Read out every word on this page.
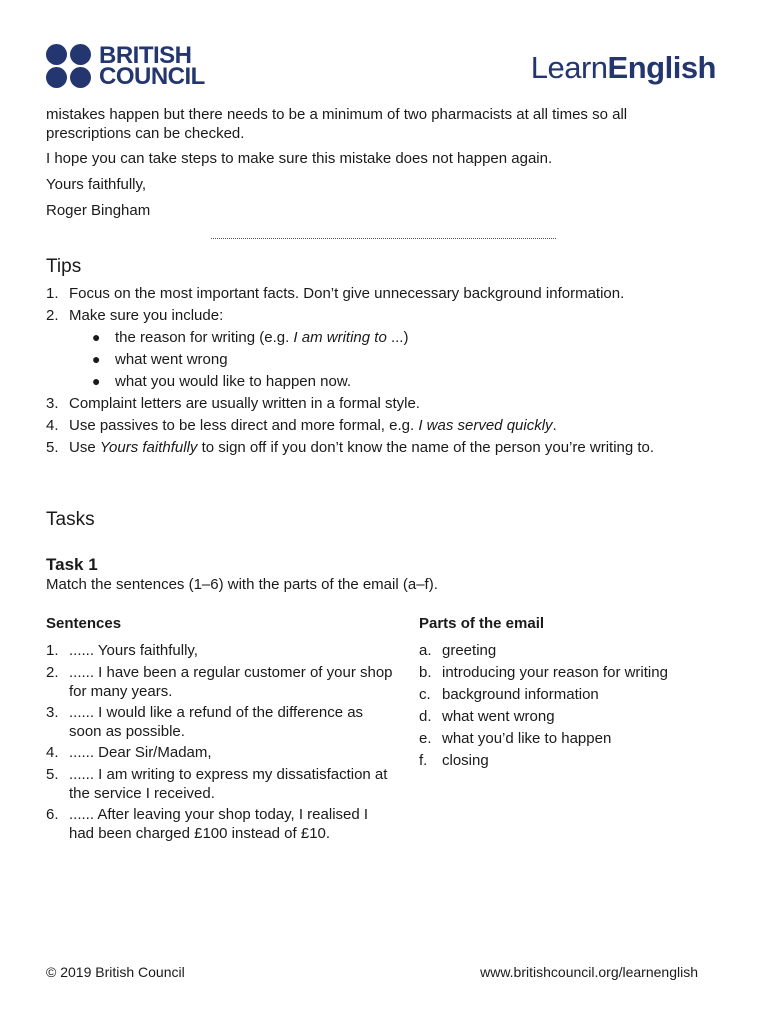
BRITISH
COUNCIL	LearnEnglish
mistakes happen but there needs to be a minimum of two pharmacists at all times so all
prescriptions can be checked.
I hope you can take steps to make sure this mistake does not happen again.
Yours faithfully,
Roger Bingham
Tips
1. Focus on the most important facts. Don’t give unnecessary background information.
2. Make sure you include:
● the reason for writing (e.g. I am writing to ...)
● what went wrong
● what you would like to happen now.
3. Complaint letters are usually written in a formal style.
4. Use passives to be less direct and more formal, e.g. I was served quickly.
5. Use Yours faithfully to sign off if you don’t know the name of the person you’re writing to.
Tasks
Task 1
Match the sentences (1–6) with the parts of the email (a–f).
Sentences	Parts of the email
1. ...... Yours faithfully,
2. ...... I have been a regular customer of your shop for many years.
3. ...... I would like a refund of the difference as soon as possible.
4. ...... Dear Sir/Madam,
5. ...... I am writing to express my dissatisfaction at the service I received.
6. ...... After leaving your shop today, I realised I had been charged £100 instead of £10.
a. greeting
b. introducing your reason for writing
c. background information
d. what went wrong
e. what you’d like to happen
f. closing
© 2019 British Council	www.britishcouncil.org/learnenglish
